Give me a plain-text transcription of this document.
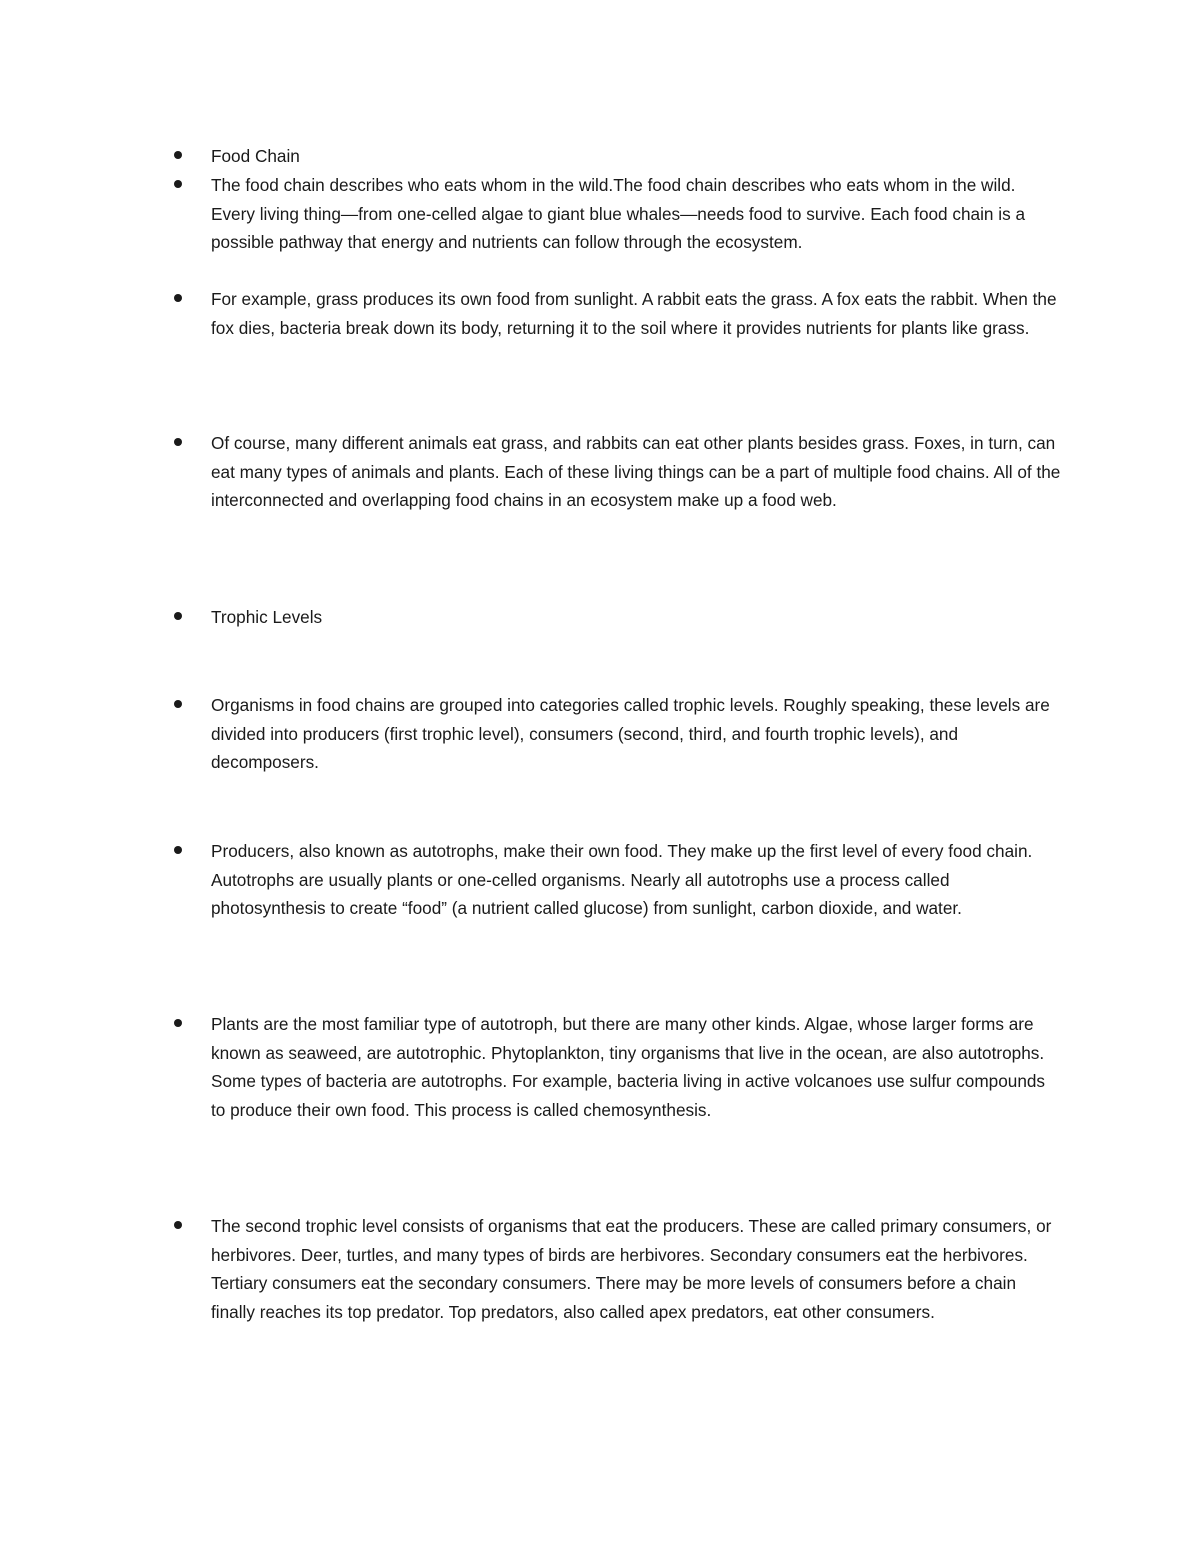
Food Chain

The food chain describes who eats whom in the wild.The food chain describes who eats whom in the wild. Every living thing—from one-celled algae to giant blue whales—needs food to survive. Each food chain is a possible pathway that energy and nutrients can follow through the ecosystem.

For example, grass produces its own food from sunlight. A rabbit eats the grass. A fox eats the rabbit. When the fox dies, bacteria break down its body, returning it to the soil where it provides nutrients for plants like grass.

Of course, many different animals eat grass, and rabbits can eat other plants besides grass. Foxes, in turn, can eat many types of animals and plants. Each of these living things can be a part of multiple food chains. All of the interconnected and overlapping food chains in an ecosystem make up a food web.

Trophic Levels

Organisms in food chains are grouped into categories called trophic levels. Roughly speaking, these levels are divided into producers (first trophic level), consumers (second, third, and fourth trophic levels), and decomposers.

Producers, also known as autotrophs, make their own food. They make up the first level of every food chain. Autotrophs are usually plants or one-celled organisms. Nearly all autotrophs use a process called photosynthesis to create “food” (a nutrient called glucose) from sunlight, carbon dioxide, and water.

Plants are the most familiar type of autotroph, but there are many other kinds. Algae, whose larger forms are known as seaweed, are autotrophic. Phytoplankton, tiny organisms that live in the ocean, are also autotrophs. Some types of bacteria are autotrophs. For example, bacteria living in active volcanoes use sulfur compounds to produce their own food. This process is called chemosynthesis.

The second trophic level consists of organisms that eat the producers. These are called primary consumers, or herbivores. Deer, turtles, and many types of birds are herbivores. Secondary consumers eat the herbivores. Tertiary consumers eat the secondary consumers. There may be more levels of consumers before a chain finally reaches its top predator. Top predators, also called apex predators, eat other consumers.
